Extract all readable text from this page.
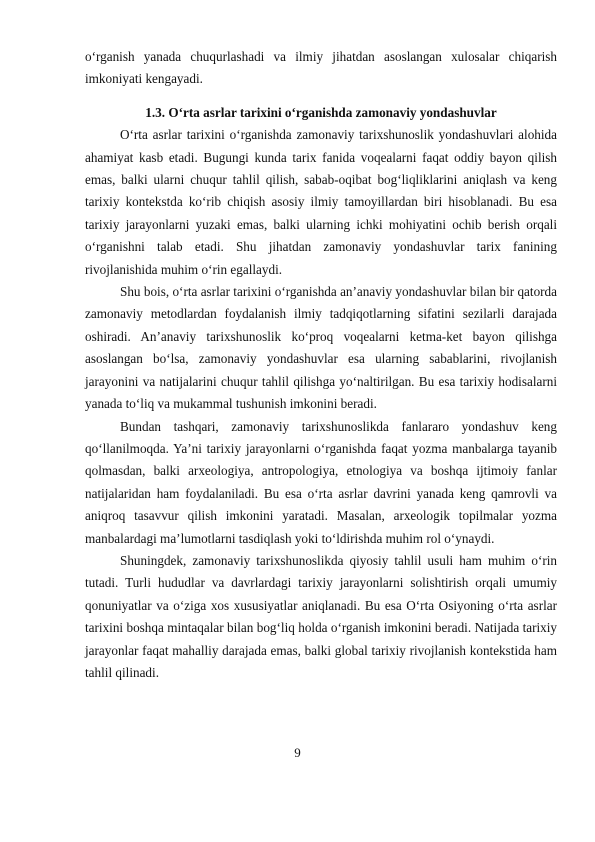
o‘rganish yanada chuqurlashadi va ilmiy jihatdan asoslangan xulosalar chiqarish imkoniyati kengayadi.

1.3. O‘rta asrlar tarixini o‘rganishda zamonaviy yondashuvlar

O‘rta asrlar tarixini o‘rganishda zamonaviy tarixshunoslik yondashuvlari alohida ahamiyat kasb etadi. Bugungi kunda tarix fanida voqealarni faqat oddiy bayon qilish emas, balki ularni chuqur tahlil qilish, sabab-oqibat bog‘liqliklarini aniqlash va keng tarixiy kontekstda ko‘rib chiqish asosiy ilmiy tamoyillardan biri hisoblanadi. Bu esa tarixiy jarayonlarni yuzaki emas, balki ularning ichki mohiyatini ochib berish orqali o‘rganishni talab etadi. Shu jihatdan zamonaviy yondashuvlar tarix fanining rivojlanishida muhim o‘rin egallaydi.

Shu bois, o‘rta asrlar tarixini o‘rganishda an’anaviy yondashuvlar bilan bir qatorda zamonaviy metodlardan foydalanish ilmiy tadqiqotlarning sifatini sezilarli darajada oshiradi. An’anaviy tarixshunoslik ko‘proq voqealarni ketma-ket bayon qilishga asoslangan bo‘lsa, zamonaviy yondashuvlar esa ularning sabablarini, rivojlanish jarayonini va natijalarini chuqur tahlil qilishga yo‘naltirilgan. Bu esa tarixiy hodisalarni yanada to‘liq va mukammal tushunish imkonini beradi.

Bundan tashqari, zamonaviy tarixshunoslikda fanlararo yondashuv keng qo‘llanilmoqda. Ya’ni tarixiy jarayonlarni o‘rganishda faqat yozma manbalarga tayanib qolmasdan, balki arxeologiya, antropologiya, etnologiya va boshqa ijtimoiy fanlar natijalaridan ham foydalaniladi. Bu esa o‘rta asrlar davrini yanada keng qamrovli va aniqroq tasavvur qilish imkonini yaratadi. Masalan, arxeologik topilmalar yozma manbalardagi ma’lumotlarni tasdiqlash yoki to‘ldirishda muhim rol o‘ynaydi.

Shuningdek, zamonaviy tarixshunoslikda qiyosiy tahlil usuli ham muhim o‘rin tutadi. Turli hududlar va davrlardagi tarixiy jarayonlarni solishtirish orqali umumiy qonuniyatlar va o‘ziga xos xususiyatlar aniqlanadi. Bu esa O‘rta Osiyoning o‘rta asrlar tarixini boshqa mintaqalar bilan bog‘liq holda o‘rganish imkonini beradi. Natijada tarixiy jarayonlar faqat mahalliy darajada emas, balki global tarixiy rivojlanish kontekstida ham tahlil qilinadi.

9
